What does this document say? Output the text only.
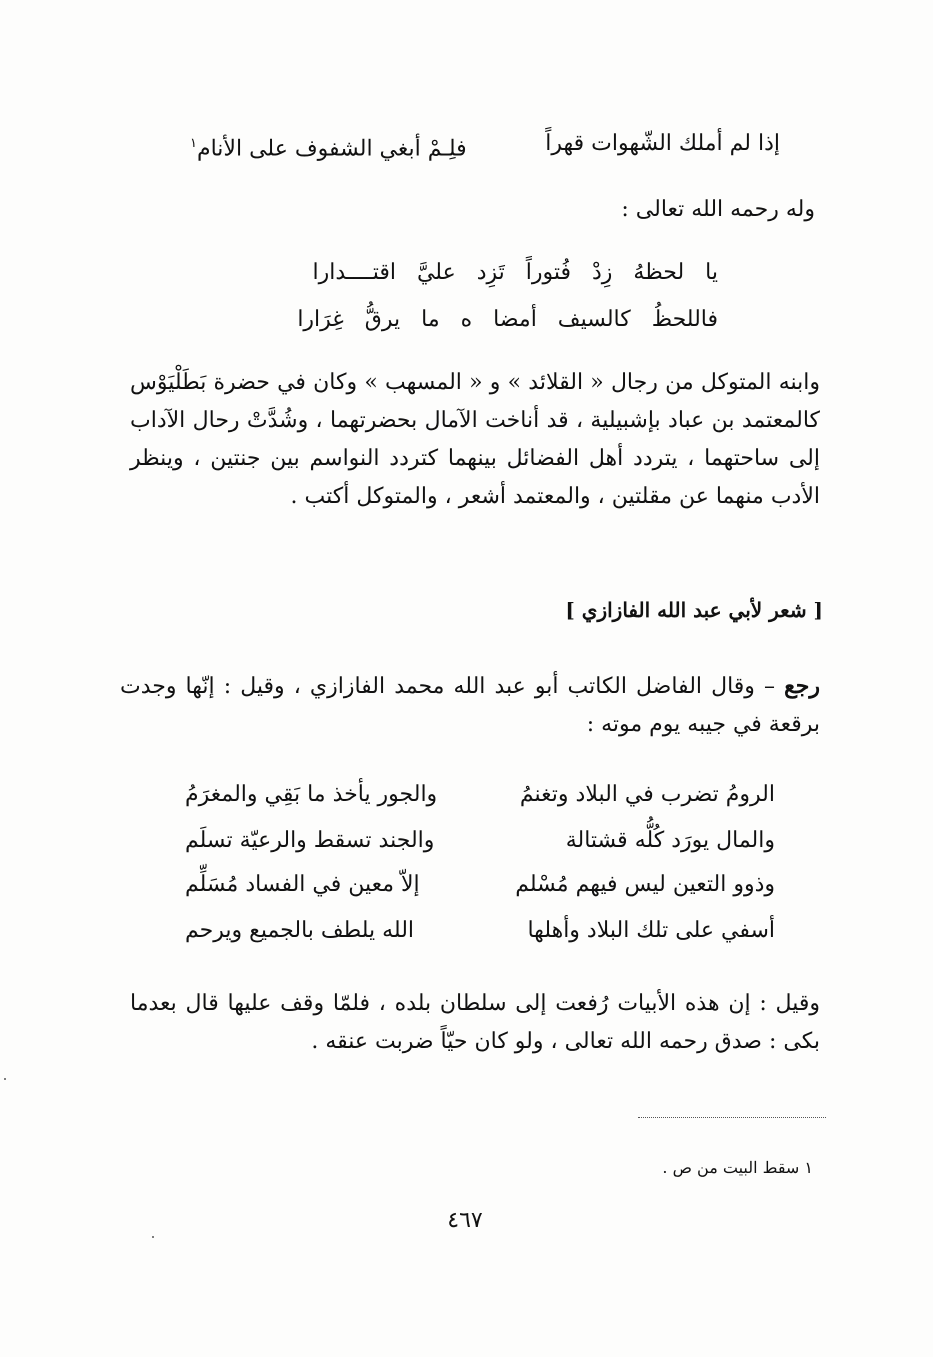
إذا لم أملك الشّهوات قهراً
فلِـمْ أبغي الشفوف على الأنام$^١$
وله رحمه الله تعالى :
يا لحظهُ زِدْ فُتوراً تَزِد عليَّ اقتــــدارا
فاللحظُ كالسيف أمضا ه ما يرقُّ غِرَارا
وابنه المتوكل من رجال « القلائد » و « المسهب » وكان في حضرة بَطَلْيَوْس كالمعتمد بن عباد بإشبيلية ، قد أناخت الآمال بحضرتهما ، وشُدَّتْ رحال الآداب إلى ساحتهما ، يتردد أهل الفضائل بينهما كتردد النواسم بين جنتين ، وينظر الأدب منهما عن مقلتين ، والمعتمد أشعر ، والمتوكل أكتب .
[ شعر لأبي عبد الله الفازازي ]
رجع – وقال الفاضل الكاتب أبو عبد الله محمد الفازازي ، وقيل : إنّها وجدت برقعة في جيبه يوم موته :
الرومُ تضرب في البلاد وتغنمُ
والجور يأخذ ما بَقِي والمغرَمُ
والمال يورَد كُلُّه قشتالة
والجند تسقط والرعيّة تسلَم
وذوو التعين ليس فيهم مُسْلم
إلاّ معين في الفساد مُسَلِّم
أسفي على تلك البلاد وأهلها
الله يلطف بالجميع ويرحم
وقيل : إن هذه الأبيات رُفعت إلى سلطان بلده ، فلمّا وقف عليها قال بعدما بكى : صدق رحمه الله تعالى ، ولو كان حيّاً ضربت عنقه .
١ سقط البيت من ص .
٤٦٧
